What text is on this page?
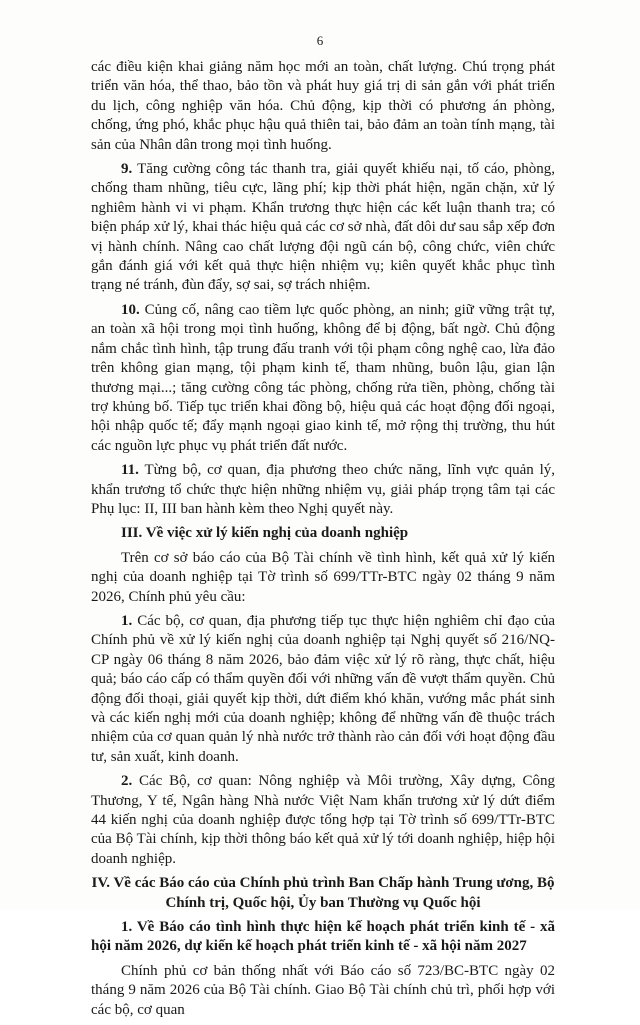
6

các điều kiện khai giảng năm học mới an toàn, chất lượng. Chú trọng phát triển văn hóa, thể thao, bảo tồn và phát huy giá trị di sản gắn với phát triển du lịch, công nghiệp văn hóa. Chủ động, kịp thời có phương án phòng, chống, ứng phó, khắc phục hậu quả thiên tai, bảo đảm an toàn tính mạng, tài sản của Nhân dân trong mọi tình huống.

9. Tăng cường công tác thanh tra, giải quyết khiếu nại, tố cáo, phòng, chống tham nhũng, tiêu cực, lãng phí; kịp thời phát hiện, ngăn chặn, xử lý nghiêm hành vi vi phạm. Khẩn trương thực hiện các kết luận thanh tra; có biện pháp xử lý, khai thác hiệu quả các cơ sở nhà, đất dôi dư sau sắp xếp đơn vị hành chính. Nâng cao chất lượng đội ngũ cán bộ, công chức, viên chức gắn đánh giá với kết quả thực hiện nhiệm vụ; kiên quyết khắc phục tình trạng né tránh, đùn đẩy, sợ sai, sợ trách nhiệm.

10. Củng cố, nâng cao tiềm lực quốc phòng, an ninh; giữ vững trật tự, an toàn xã hội trong mọi tình huống, không để bị động, bất ngờ. Chủ động nắm chắc tình hình, tập trung đấu tranh với tội phạm công nghệ cao, lừa đảo trên không gian mạng, tội phạm kinh tế, tham nhũng, buôn lậu, gian lận thương mại...; tăng cường công tác phòng, chống rửa tiền, phòng, chống tài trợ khủng bố. Tiếp tục triển khai đồng bộ, hiệu quả các hoạt động đối ngoại, hội nhập quốc tế; đẩy mạnh ngoại giao kinh tế, mở rộng thị trường, thu hút các nguồn lực phục vụ phát triển đất nước.

11. Từng bộ, cơ quan, địa phương theo chức năng, lĩnh vực quản lý, khẩn trương tổ chức thực hiện những nhiệm vụ, giải pháp trọng tâm tại các Phụ lục: II, III ban hành kèm theo Nghị quyết này.

III. Về việc xử lý kiến nghị của doanh nghiệp

Trên cơ sở báo cáo của Bộ Tài chính về tình hình, kết quả xử lý kiến nghị của doanh nghiệp tại Tờ trình số 699/TTr-BTC ngày 02 tháng 9 năm 2026, Chính phủ yêu cầu:

1. Các bộ, cơ quan, địa phương tiếp tục thực hiện nghiêm chỉ đạo của Chính phủ về xử lý kiến nghị của doanh nghiệp tại Nghị quyết số 216/NQ-CP ngày 06 tháng 8 năm 2026, bảo đảm việc xử lý rõ ràng, thực chất, hiệu quả; báo cáo cấp có thẩm quyền đối với những vấn đề vượt thẩm quyền. Chủ động đối thoại, giải quyết kịp thời, dứt điểm khó khăn, vướng mắc phát sinh và các kiến nghị mới của doanh nghiệp; không để những vấn đề thuộc trách nhiệm của cơ quan quản lý nhà nước trở thành rào cản đối với hoạt động đầu tư, sản xuất, kinh doanh.

2. Các Bộ, cơ quan: Nông nghiệp và Môi trường, Xây dựng, Công Thương, Y tế, Ngân hàng Nhà nước Việt Nam khẩn trương xử lý dứt điểm 44 kiến nghị của doanh nghiệp được tổng hợp tại Tờ trình số 699/TTr-BTC của Bộ Tài chính, kịp thời thông báo kết quả xử lý tới doanh nghiệp, hiệp hội doanh nghiệp.

IV. Về các Báo cáo của Chính phủ trình Ban Chấp hành Trung ương, Bộ Chính trị, Quốc hội, Ủy ban Thường vụ Quốc hội

1. Về Báo cáo tình hình thực hiện kế hoạch phát triển kinh tế - xã hội năm 2026, dự kiến kế hoạch phát triển kinh tế - xã hội năm 2027

Chính phủ cơ bản thống nhất với Báo cáo số 723/BC-BTC ngày 02 tháng 9 năm 2026 của Bộ Tài chính. Giao Bộ Tài chính chủ trì, phối hợp với các bộ, cơ quan
